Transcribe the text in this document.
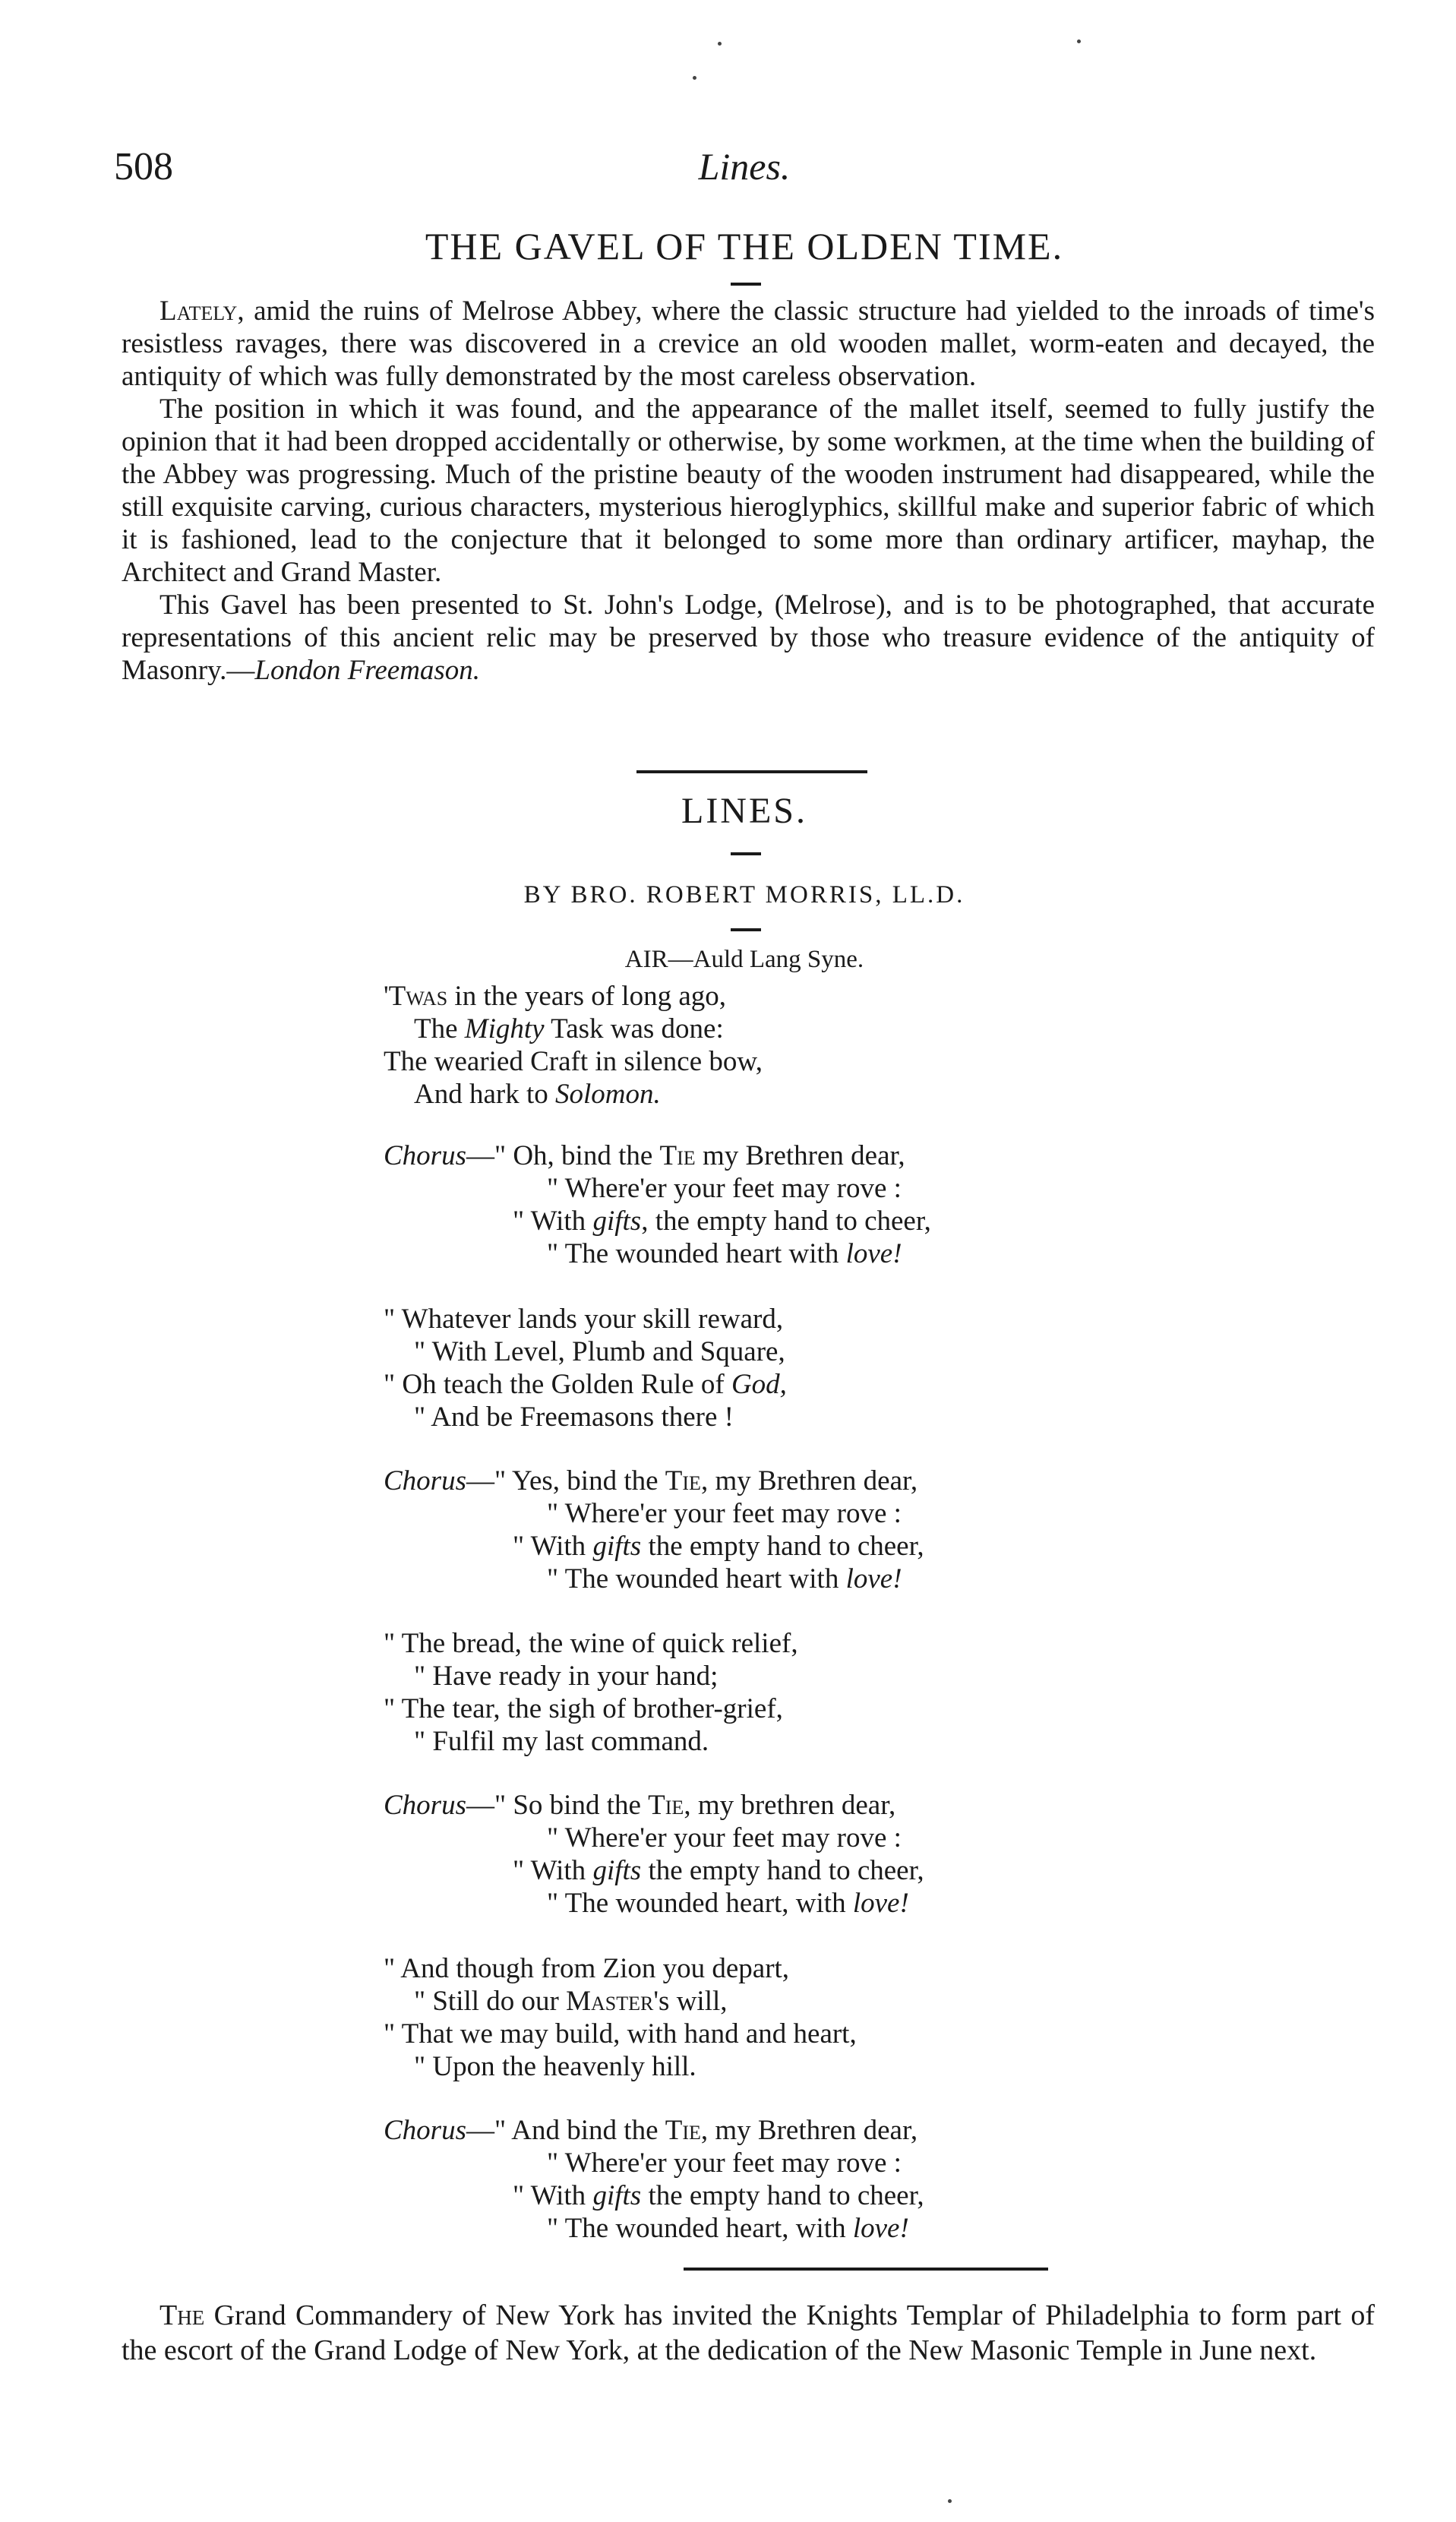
508	Lines.
THE GAVEL OF THE OLDEN TIME.

Lately, amid the ruins of Melrose Abbey, where the classic structure had yielded to the inroads of time's resistless ravages, there was discovered in a crevice an old wooden mallet, worm-eaten and decayed, the antiquity of which was fully demonstrated by the most careless observation.

The position in which it was found, and the appearance of the mallet itself, seemed to fully justify the opinion that it had been dropped accidentally or otherwise, by some workmen, at the time when the building of the Abbey was progressing. Much of the pristine beauty of the wooden instrument had disappeared, while the still exquisite carving, curious characters, mysterious hieroglyphics, skillful make and superior fabric of which it is fashioned, lead to the conjecture that it belonged to some more than ordinary artificer, mayhap, the Architect and Grand Master.

This Gavel has been presented to St. John's Lodge, (Melrose), and is to be photographed, that accurate representations of this ancient relic may be preserved by those who treasure evidence of the antiquity of Masonry.—London Freemason.

LINES.
BY BRO. ROBERT MORRIS, LL.D.
AIR—Auld Lang Syne.
'Twas in the years of long ago,
The Mighty Task was done:
The wearied Craft in silence bow,
And hark to Solomon.
Chorus—" Oh, bind the Tie my Brethren dear,
" Where'er your feet may rove :
" With gifts, the empty hand to cheer,
" The wounded heart with love!
" Whatever lands your skill reward,
" With Level, Plumb and Square,
" Oh teach the Golden Rule of God,
" And be Freemasons there !
Chorus—" Yes, bind the Tie, my Brethren dear,
" Where'er your feet may rove :
" With gifts the empty hand to cheer,
" The wounded heart with love!
" The bread, the wine of quick relief,
" Have ready in your hand;
" The tear, the sigh of brother-grief,
" Fulfil my last command.
Chorus—" So bind the Tie, my brethren dear,
" Where'er your feet may rove :
" With gifts the empty hand to cheer,
" The wounded heart, with love!
" And though from Zion you depart,
" Still do our Master's will,
" That we may build, with hand and heart,
" Upon the heavenly hill.
Chorus—" And bind the Tie, my Brethren dear,
" Where'er your feet may rove :
" With gifts the empty hand to cheer,
" The wounded heart, with love!

The Grand Commandery of New York has invited the Knights Templar of Philadelphia to form part of the escort of the Grand Lodge of New York, at the dedication of the New Masonic Temple in June next.
